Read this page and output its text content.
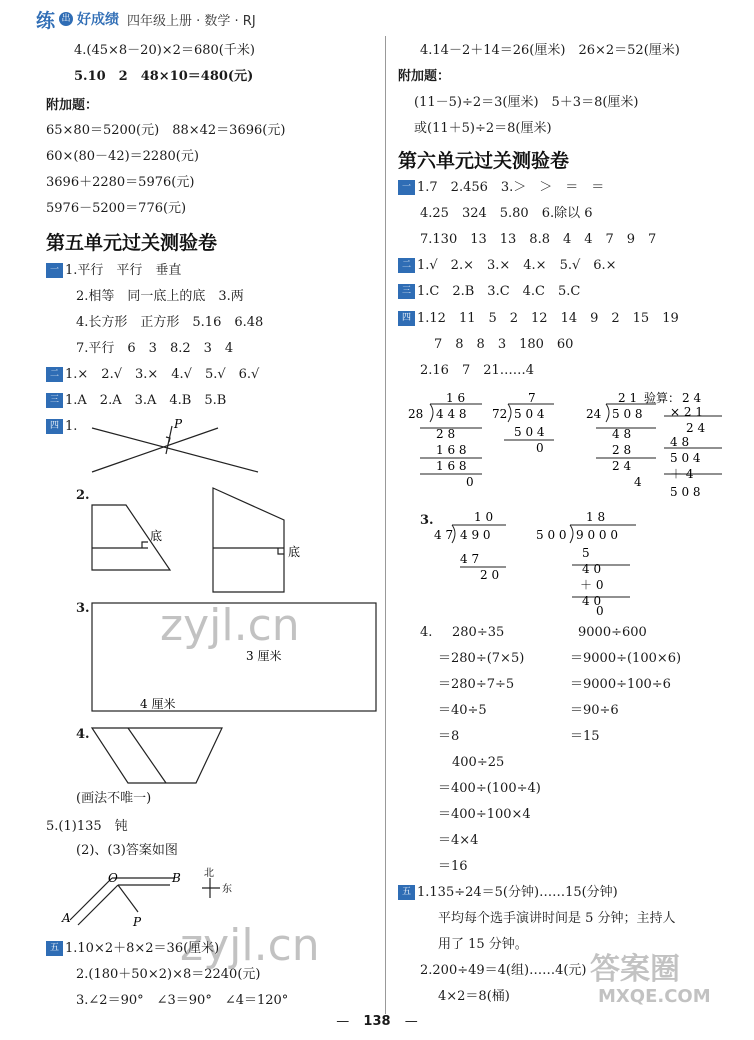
练 出 好成绩 四年级上册 · 数学 · RJ
4.(45×8－20)×2＝680(千米)
5.10　2　48×10＝480(元)
附加题：
65×80＝5200(元)　88×42＝3696(元)
60×(80－42)＝2280(元)
3696＋2280＝5976(元)
5976－5200＝776(元)
第五单元过关测验卷
一 1.平行　平行　垂直
2.相等　同一底上的底　3.两
4.长方形　正方形　5.16　6.48
7.平行　6　3　8.2　3　4
二 1.×　2.√　3.×　4.√　5.√　6.√
三 1.A　2.A　3.A　4.B　5.B
四 1.	P
底
底
3 厘米
4 厘米
O	B
A	P
北
东
2.
3.
4.
(画法不唯一)
5.(1)135　钝
(2)、(3)答案如图
五 1.10×2＋8×2＝36(厘米)
2.(180＋50×2)×8＝2240(元)
3.∠2＝90°　∠3＝90°　∠4＝120°
4.14－2＋14＝26(厘米)　26×2＝52(厘米)
附加题：
(11－5)÷2＝3(厘米)　5＋3＝8(厘米)
或(11＋5)÷2＝8(厘米)
第六单元过关测验卷
一 1.7　2.456　3.＞　＞　＝　＝
4.25　324　5.80　6.除以 6
7.130　13　13　8.8　4　4　7　9　7
二 1.√　2.×　3.×　4.×　5.√　6.×
三 1.C　2.B　3.C　4.C　5.C
四 1.12　11　5　2　12　14　9　2　15　19
7　8　8　3　180　60
2.16　7　21……4
1 6
28 4 4 8
2 8
1 6 8
1 6 8
0
7
72 5 0 4
5 0 4
0
2 1
24 5 0 8
4 8
2 8
2 4
4
2 4
× 2 1
2 4
4 8
5 0 4
＋ 4
5 0 8
验算：
3.	1 0
4 7 4 9 0
4 7
2 0
1 8
5 0 0 9 0 0 0
5
4 0
＋ 0
4 0
0
4. 280÷35	9000÷600
＝280÷(7×5)	＝9000÷(100×6)
＝280÷7÷5	＝9000÷100÷6
＝40÷5	＝90÷6
＝8	＝15
400÷25
＝400÷(100÷4)
＝400÷100×4
＝4×4
＝16
五 1.135÷24＝5(分钟)……15(分钟)
平均每个选手演讲时间是 5 分钟；主持人
用了 15 分钟。
2.200÷49＝4(组)……4(元)
4×2＝8(桶)
zyjl.cn
zyjl.cn	答案圈
MXQE.COM
— 138 —
